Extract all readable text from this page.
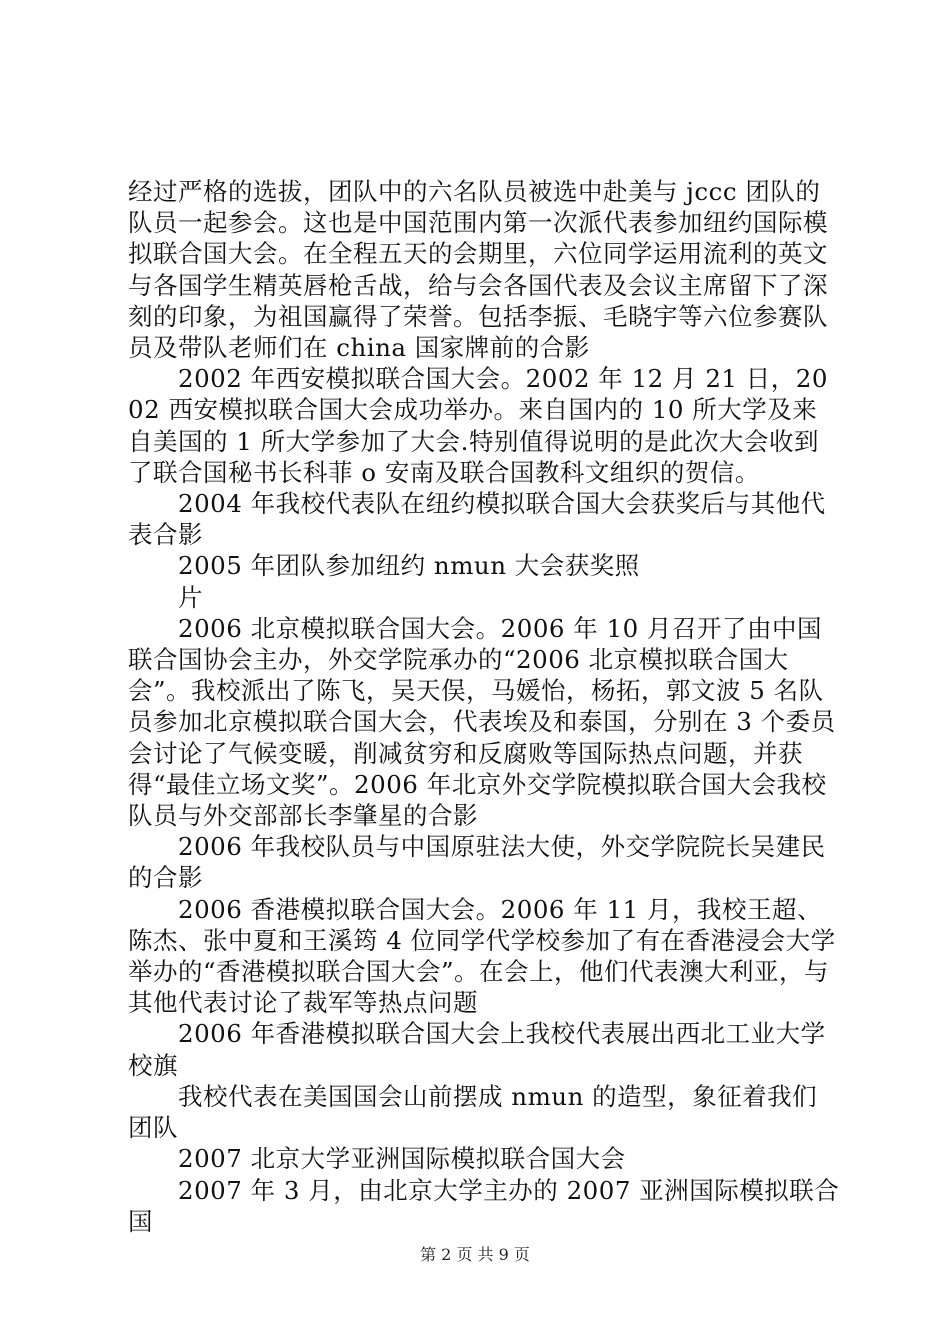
经过严格的选拔，团队中的六名队员被选中赴美与 jccc 团队的队员一起参会。这也是中国范围内第一次派代表参加纽约国际模拟联合国大会。在全程五天的会期里，六位同学运用流利的英文与各国学生精英唇枪舌战，给与会各国代表及会议主席留下了深刻的印象，为祖国赢得了荣誉。包括李振、毛晓宇等六位参赛队员及带队老师们在 china 国家牌前的合影

2002 年西安模拟联合国大会。2002 年 12 月 21 日，2002 西安模拟联合国大会成功举办。来自国内的 10 所大学及来自美国的 1 所大学参加了大会.特别值得说明的是此次大会收到了联合国秘书长科菲 o 安南及联合国教科文组织的贺信。

2004 年我校代表队在纽约模拟联合国大会获奖后与其他代表合影

2005 年团队参加纽约 nmun 大会获奖照

片

2006 北京模拟联合国大会。2006 年 10 月召开了由中国联合国协会主办，外交学院承办的“2006 北京模拟联合国大会”。我校派出了陈飞，吴天俣，马媛怡，杨拓，郭文波 5 名队员参加北京模拟联合国大会，代表埃及和泰国，分别在 3 个委员会讨论了气候变暖，削减贫穷和反腐败等国际热点问题，并获得“最佳立场文奖”。2006 年北京外交学院模拟联合国大会我校队员与外交部部长李肇星的合影

2006 年我校队员与中国原驻法大使，外交学院院长吴建民的合影

2006 香港模拟联合国大会。2006 年 11 月，我校王超、陈杰、张中夏和王溪筠 4 位同学代学校参加了有在香港浸会大学举办的“香港模拟联合国大会”。在会上，他们代表澳大利亚，与其他代表讨论了裁军等热点问题

2006 年香港模拟联合国大会上我校代表展出西北工业大学校旗

我校代表在美国国会山前摆成 nmun 的造型，象征着我们团队

2007 北京大学亚洲国际模拟联合国大会

2007 年 3 月，由北京大学主办的 2007 亚洲国际模拟联合国

第 2 页 共 9 页
